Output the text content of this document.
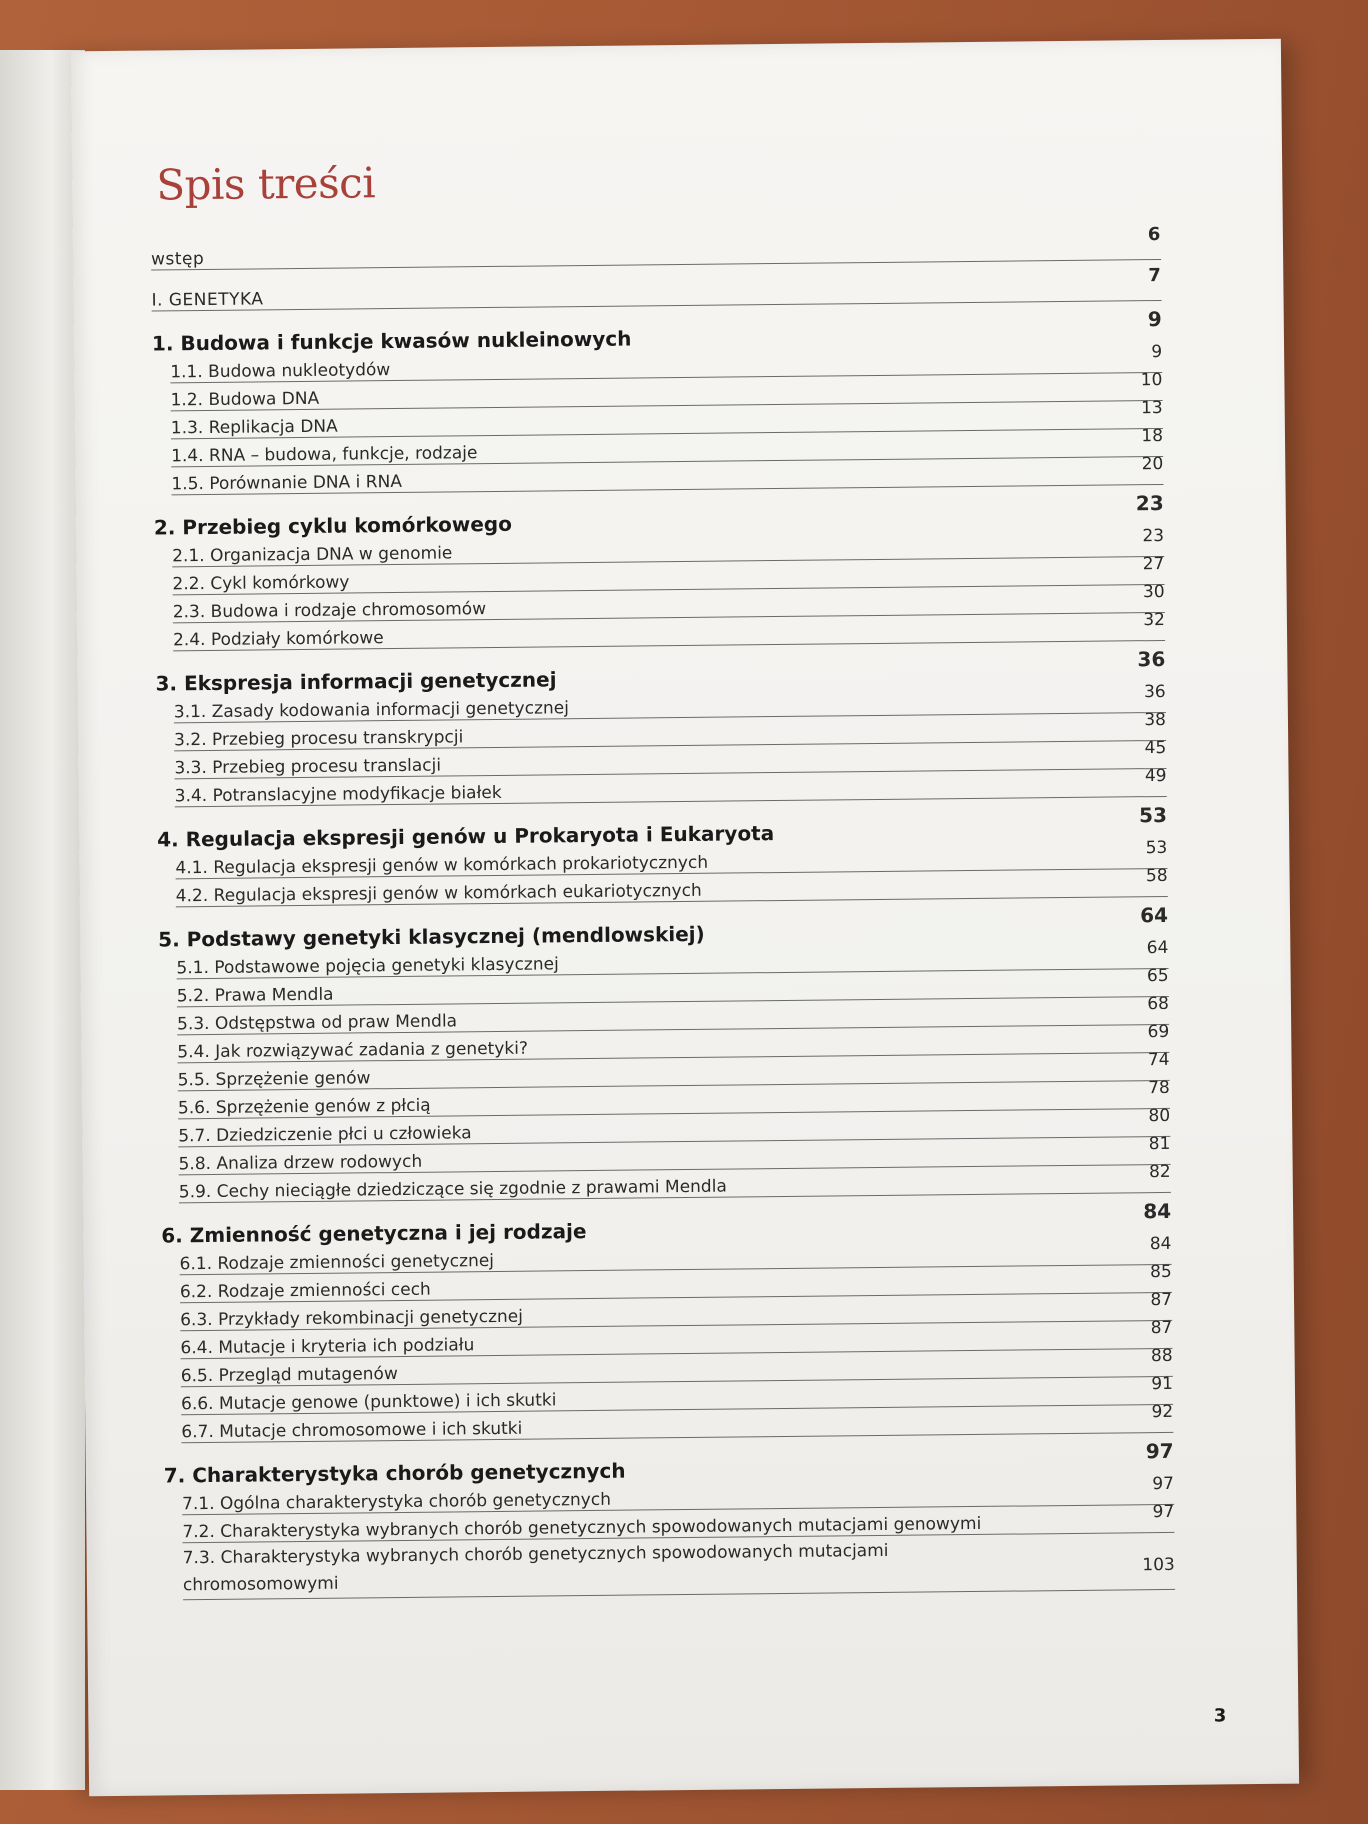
Spis treści
wstęp
6
I. GENETYKA
7
1. Budowa i funkcje kwasów nukleinowych
9
1.1. Budowa nukleotydów
9
1.2. Budowa DNA
10
1.3. Replikacja DNA
13
1.4. RNA – budowa, funkcje, rodzaje
18
1.5. Porównanie DNA i RNA
20
2. Przebieg cyklu komórkowego
23
2.1. Organizacja DNA w genomie
23
2.2. Cykl komórkowy
27
2.3. Budowa i rodzaje chromosomów
30
2.4. Podziały komórkowe
32
3. Ekspresja informacji genetycznej
36
3.1. Zasady kodowania informacji genetycznej
36
3.2. Przebieg procesu transkrypcji
38
3.3. Przebieg procesu translacji
45
3.4. Potranslacyjne modyfikacje białek
49
4. Regulacja ekspresji genów u Prokaryota i Eukaryota
53
4.1. Regulacja ekspresji genów w komórkach prokariotycznych
53
4.2. Regulacja ekspresji genów w komórkach eukariotycznych
58
5. Podstawy genetyki klasycznej (mendlowskiej)
64
5.1. Podstawowe pojęcia genetyki klasycznej
64
5.2. Prawa Mendla
65
5.3. Odstępstwa od praw Mendla
68
5.4. Jak rozwiązywać zadania z genetyki?
69
5.5. Sprzężenie genów
74
5.6. Sprzężenie genów z płcią
78
5.7. Dziedziczenie płci u człowieka
80
5.8. Analiza drzew rodowych
81
5.9. Cechy nieciągłe dziedziczące się zgodnie z prawami Mendla
82
6. Zmienność genetyczna i jej rodzaje
84
6.1. Rodzaje zmienności genetycznej
84
6.2. Rodzaje zmienności cech
85
6.3. Przykłady rekombinacji genetycznej
87
6.4. Mutacje i kryteria ich podziału
87
6.5. Przegląd mutagenów
88
6.6. Mutacje genowe (punktowe) i ich skutki
91
6.7. Mutacje chromosomowe i ich skutki
92
7. Charakterystyka chorób genetycznych
97
7.1. Ogólna charakterystyka chorób genetycznych
97
7.2. Charakterystyka wybranych chorób genetycznych spowodowanych mutacjami genowymi
97
7.3. Charakterystyka wybranych chorób genetycznych spowodowanych mutacjami chromosomowymi
103
3
